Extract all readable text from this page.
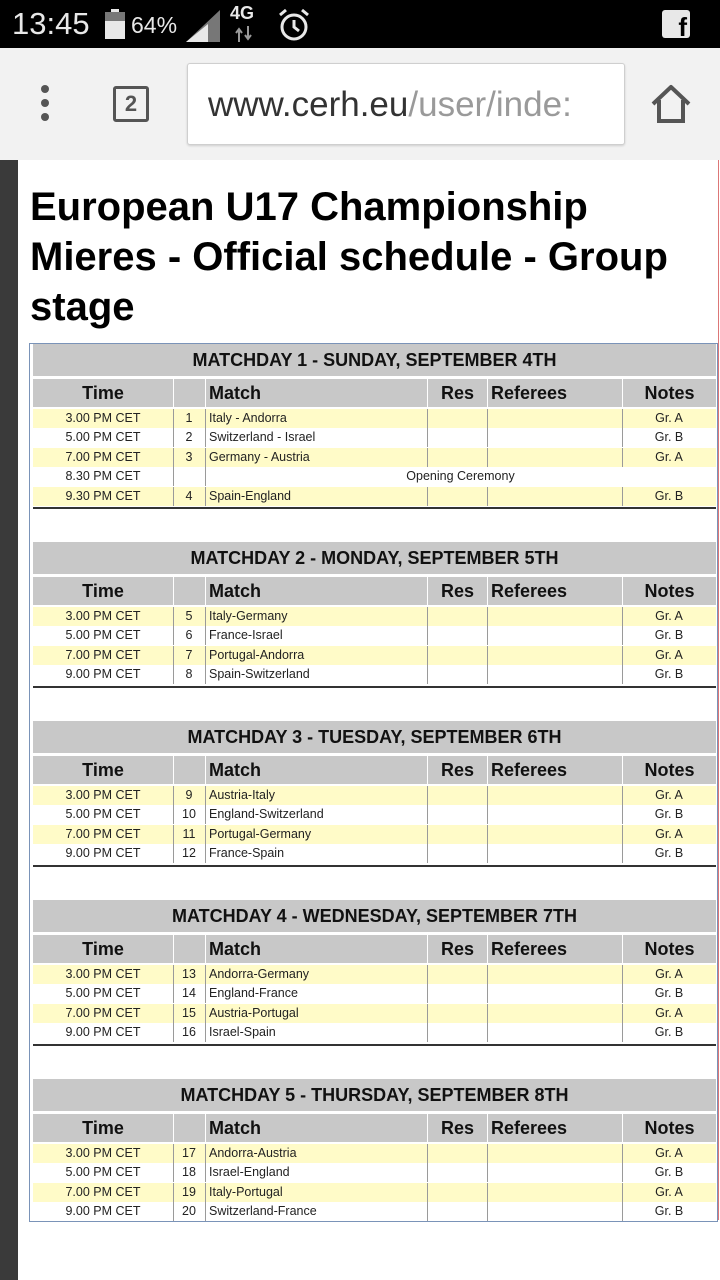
13:45 64%	4G	f
2	www.cerh.eu/user/inde:
European U17 Championship Mieres - Official schedule - Group stage
MATCHDAY 1 - SUNDAY, SEPTEMBER 4TH
Time	Match	Res Referees	Notes
3.00 PM CET	1	Italy - Andorra	Gr. A
5.00 PM CET	2	Switzerland - Israel	Gr. B
7.00 PM CET	3	Germany - Austria	Gr. A
8.30 PM CET	Opening Ceremony
9.30 PM CET	4	Spain-England	Gr. B
MATCHDAY 2 - MONDAY, SEPTEMBER 5TH
Time	Match	Res Referees	Notes
3.00 PM CET	5	Italy-Germany	Gr. A
5.00 PM CET	6	France-Israel	Gr. B
7.00 PM CET	7	Portugal-Andorra	Gr. A
9.00 PM CET	8	Spain-Switzerland	Gr. B
MATCHDAY 3 - TUESDAY, SEPTEMBER 6TH
Time	Match	Res Referees	Notes
3.00 PM CET	9	Austria-Italy	Gr. A
5.00 PM CET	10	England-Switzerland	Gr. B
7.00 PM CET	11	Portugal-Germany	Gr. A
9.00 PM CET	12	France-Spain	Gr. B
MATCHDAY 4 - WEDNESDAY, SEPTEMBER 7TH
Time	Match	Res Referees	Notes
3.00 PM CET	13	Andorra-Germany	Gr. A
5.00 PM CET	14	England-France	Gr. B
7.00 PM CET	15	Austria-Portugal	Gr. A
9.00 PM CET	16	Israel-Spain	Gr. B
MATCHDAY 5 - THURSDAY, SEPTEMBER 8TH
Time	Match	Res Referees	Notes
3.00 PM CET	17	Andorra-Austria	Gr. A
5.00 PM CET	18	Israel-England	Gr. B
7.00 PM CET	19	Italy-Portugal	Gr. A
9.00 PM CET	20	Switzerland-France	Gr. B
